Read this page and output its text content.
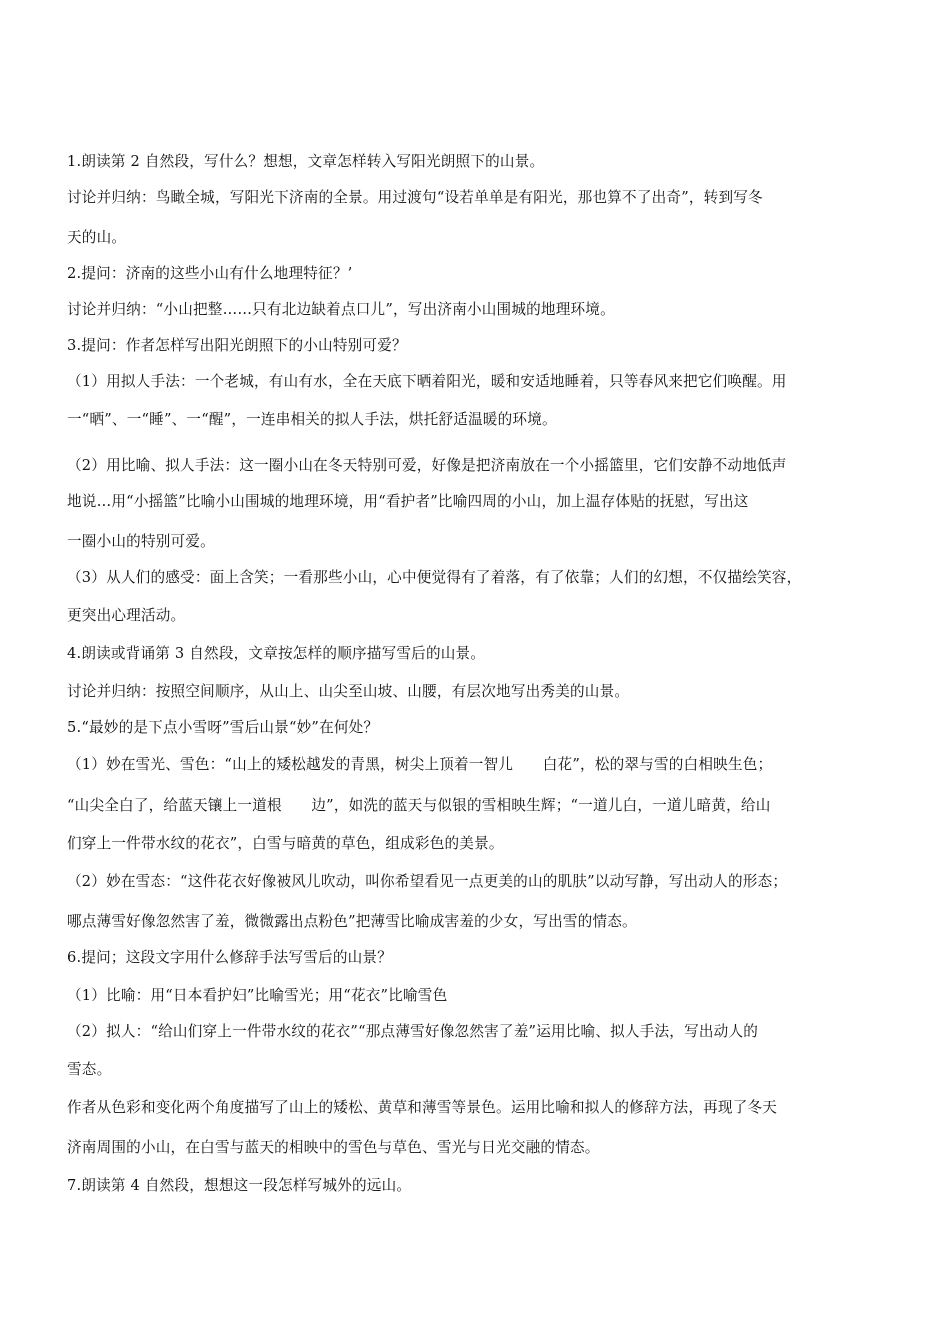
1.朗读第 2 自然段，写什么？想想，文章怎样转入写阳光朗照下的山景。
讨论并归纳：鸟瞰全城，写阳光下济南的全景。用过渡句“设若单单是有阳光，那也算不了出奇”，转到写冬
天的山。
2.提问：济南的这些小山有什么地理特征？’
讨论并归纳：“小山把整……只有北边缺着点口儿”，写出济南小山围城的地理环境。
3.提问：作者怎样写出阳光朗照下的小山特别可爱？
（1）用拟人手法：一个老城，有山有水，全在天底下晒着阳光，暖和安适地睡着，只等春风来把它们唤醒。用
一“晒”、一“睡”、一“醒”，一连串相关的拟人手法，烘托舒适温暖的环境。
（2）用比喻、拟人手法：这一圈小山在冬天特别可爱，好像是把济南放在一个小摇篮里，它们安静不动地低声
地说…用“小摇篮”比喻小山围城的地理环境，用“看护者”比喻四周的小山，加上温存体贴的抚慰，写出这
一圈小山的特别可爱。
（3）从人们的感受：面上含笑；一看那些小山，心中便觉得有了着落，有了依靠；人们的幻想，不仅描绘笑容，
更突出心理活动。
4.朗读或背诵第 3 自然段，文章按怎样的顺序描写雪后的山景。
讨论并归纳：按照空间顺序，从山上、山尖至山坡、山腰，有层次地写出秀美的山景。
5.“最妙的是下点小雪呀”雪后山景“妙”在何处？
（1）妙在雪光、雪色：“山上的矮松越发的青黑，树尖上顶着一智儿　　白花”，松的翠与雪的白相映生色；
“山尖全白了，给蓝天镶上一道根　　边”，如洗的蓝天与似银的雪相映生辉；“一道儿白，一道儿暗黄，给山
们穿上一件带水纹的花衣”，白雪与暗黄的草色，组成彩色的美景。
（2）妙在雪态：“这件花衣好像被风儿吹动，叫你希望看见一点更美的山的肌肤”以动写静，写出动人的形态；
哪点薄雪好像忽然害了羞，微微露出点粉色”把薄雪比喻成害羞的少女，写出雪的情态。
6.提问；这段文字用什么修辞手法写雪后的山景？
（1）比喻：用“日本看护妇”比喻雪光；用“花衣”比喻雪色
（2）拟人：“给山们穿上一件带水纹的花衣”“那点薄雪好像忽然害了羞”运用比喻、拟人手法，写出动人的
雪态。
作者从色彩和变化两个角度描写了山上的矮松、黄草和薄雪等景色。运用比喻和拟人的修辞方法，再现了冬天
济南周围的小山，在白雪与蓝天的相映中的雪色与草色、雪光与日光交融的情态。
7.朗读第 4 自然段，想想这一段怎样写城外的远山。
